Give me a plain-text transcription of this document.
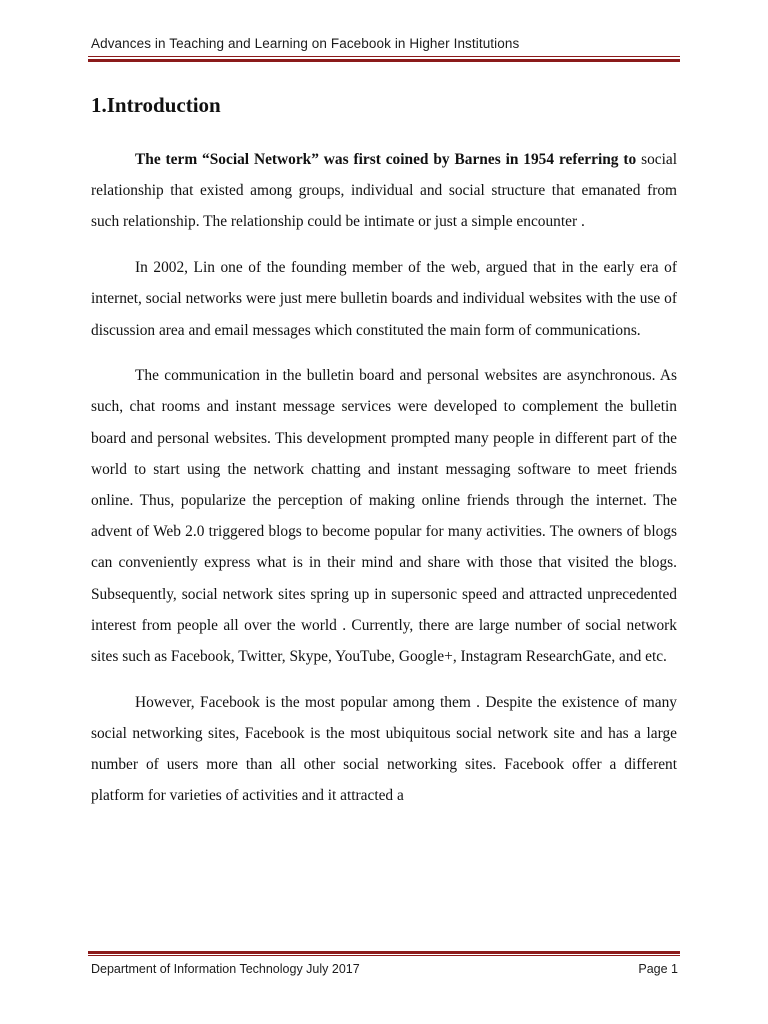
Advances in Teaching and Learning on Facebook in Higher Institutions
1.Introduction

The term “Social Network” was first coined by Barnes in 1954 referring to social relationship that existed among groups, individual and social structure that emanated from such relationship. The relationship could be intimate or just a simple encounter .

In 2002, Lin one of the founding member of the web, argued that in the early era of internet, social networks were just mere bulletin boards and individual websites with the use of discussion area and email messages which constituted the main form of communications.

The communication in the bulletin board and personal websites are asynchronous. As such, chat rooms and instant message services were developed to complement the bulletin board and personal websites. This development prompted many people in different part of the world to start using the network chatting and instant messaging software to meet friends online. Thus, popularize the perception of making online friends through the internet. The advent of Web 2.0 triggered blogs to become popular for many activities. The owners of blogs can conveniently express what is in their mind and share with those that visited the blogs. Subsequently, social network sites spring up in supersonic speed and attracted unprecedented interest from people all over the world . Currently, there are large number of social network sites such as Facebook, Twitter, Skype, YouTube, Google+, Instagram ResearchGate, and etc.

However, Facebook is the most popular among them . Despite the existence of many social networking sites, Facebook is the most ubiquitous social network site and has a large number of users more than all other social networking sites. Facebook offer a different platform for varieties of activities and it attracted a

Department of Information Technology July 2017	Page 1
